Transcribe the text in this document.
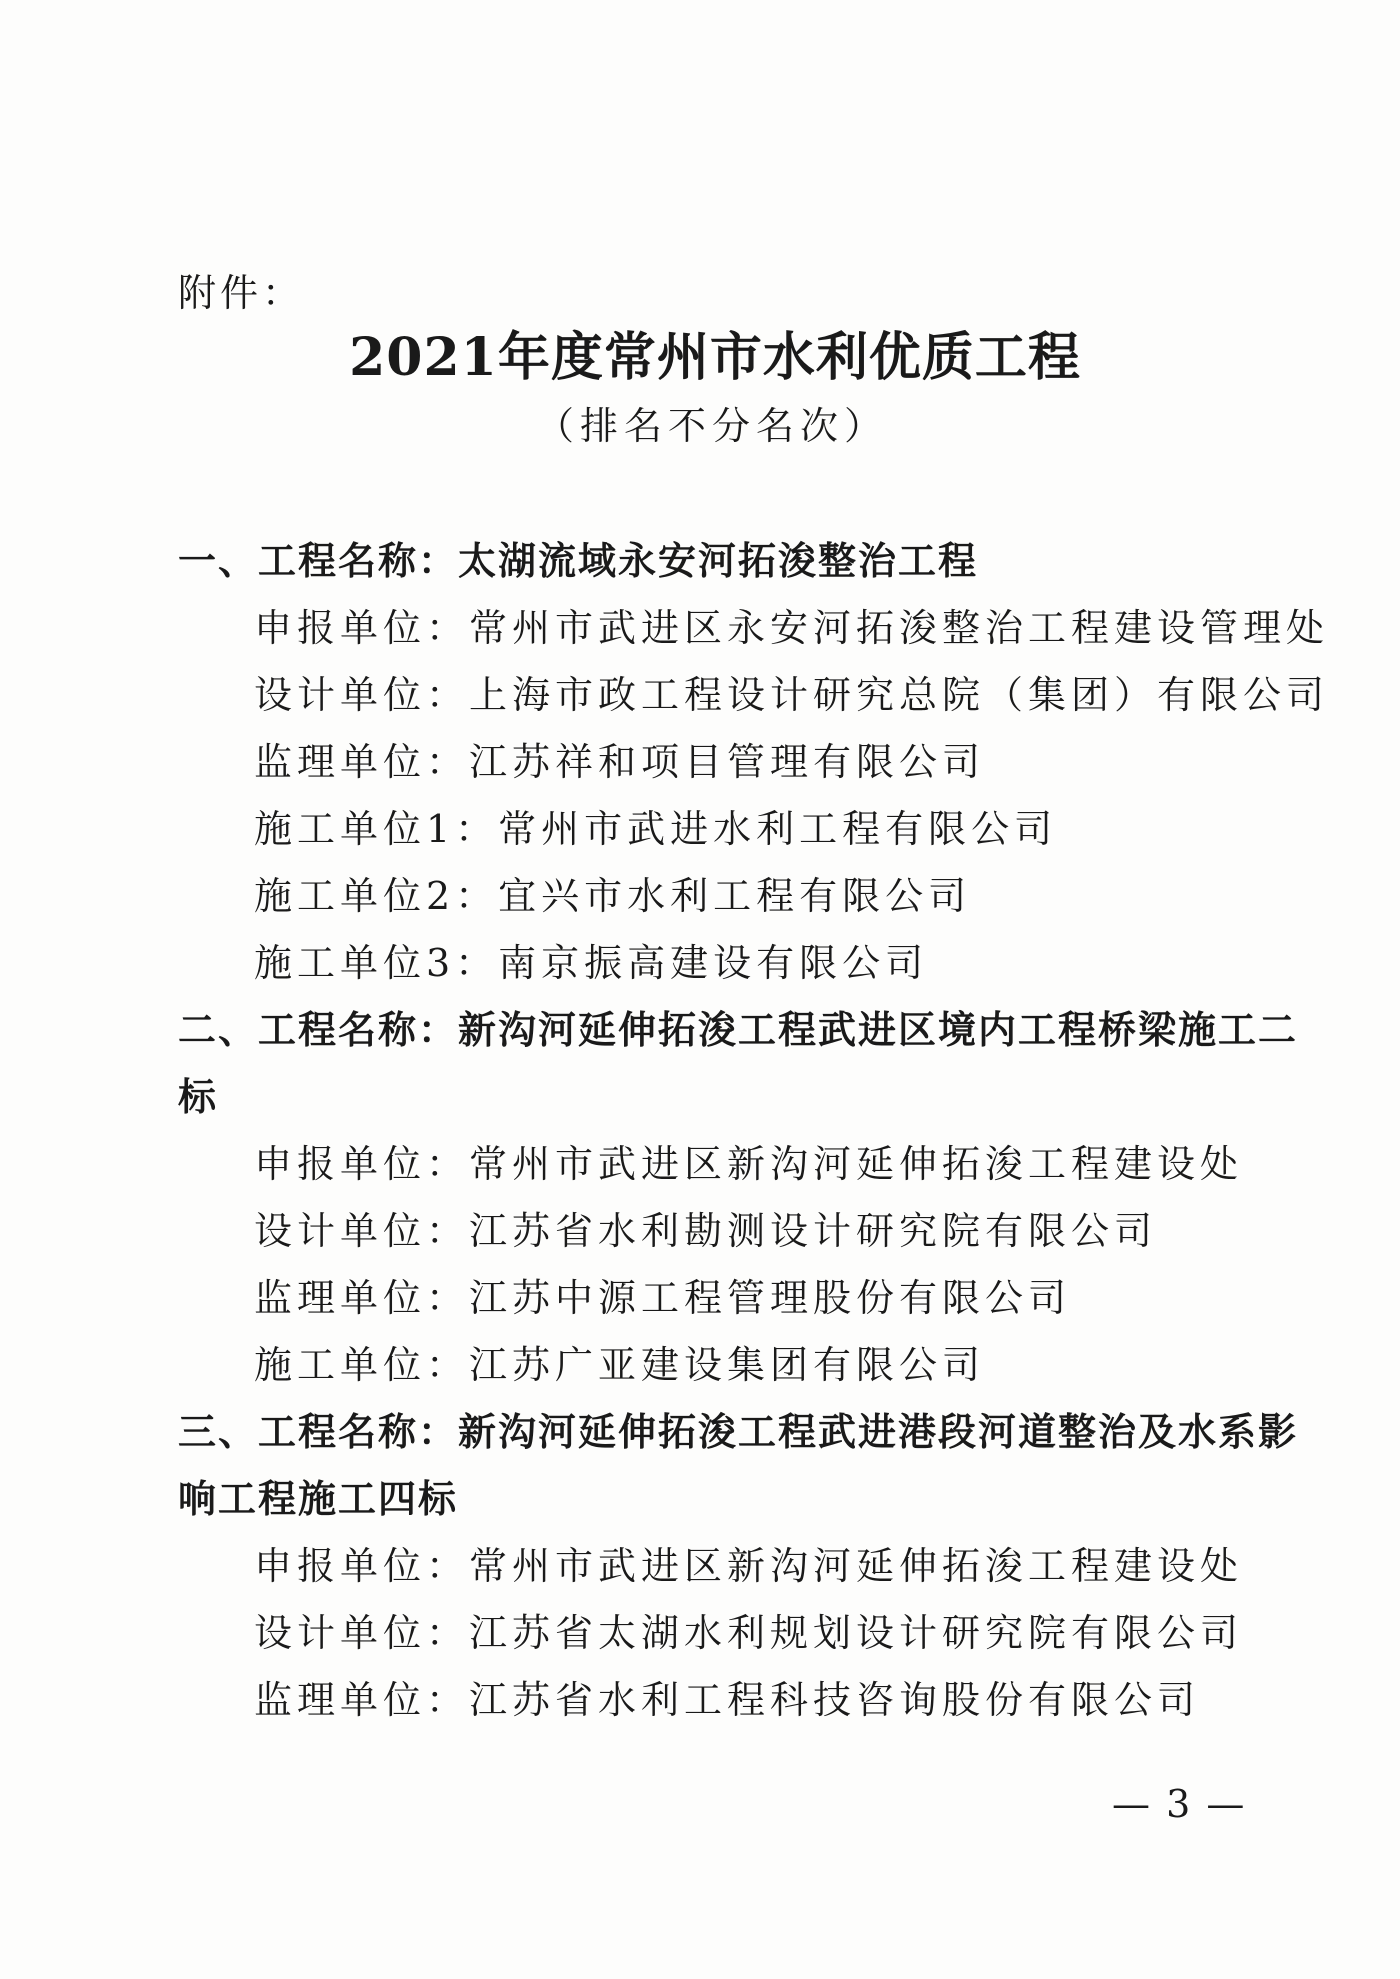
附件：
2021年度常州市水利优质工程
（排名不分名次）
一、工程名称：太湖流域永安河拓浚整治工程
申报单位：常州市武进区永安河拓浚整治工程建设管理处
设计单位：上海市政工程设计研究总院（集团）有限公司
监理单位：江苏祥和项目管理有限公司
施工单位1：常州市武进水利工程有限公司
施工单位2：宜兴市水利工程有限公司
施工单位3：南京振高建设有限公司
二、工程名称：新沟河延伸拓浚工程武进区境内工程桥梁施工二
标
申报单位：常州市武进区新沟河延伸拓浚工程建设处
设计单位：江苏省水利勘测设计研究院有限公司
监理单位：江苏中源工程管理股份有限公司
施工单位：江苏广亚建设集团有限公司
三、工程名称：新沟河延伸拓浚工程武进港段河道整治及水系影
响工程施工四标
申报单位：常州市武进区新沟河延伸拓浚工程建设处
设计单位：江苏省太湖水利规划设计研究院有限公司
监理单位：江苏省水利工程科技咨询股份有限公司
— 3 —
